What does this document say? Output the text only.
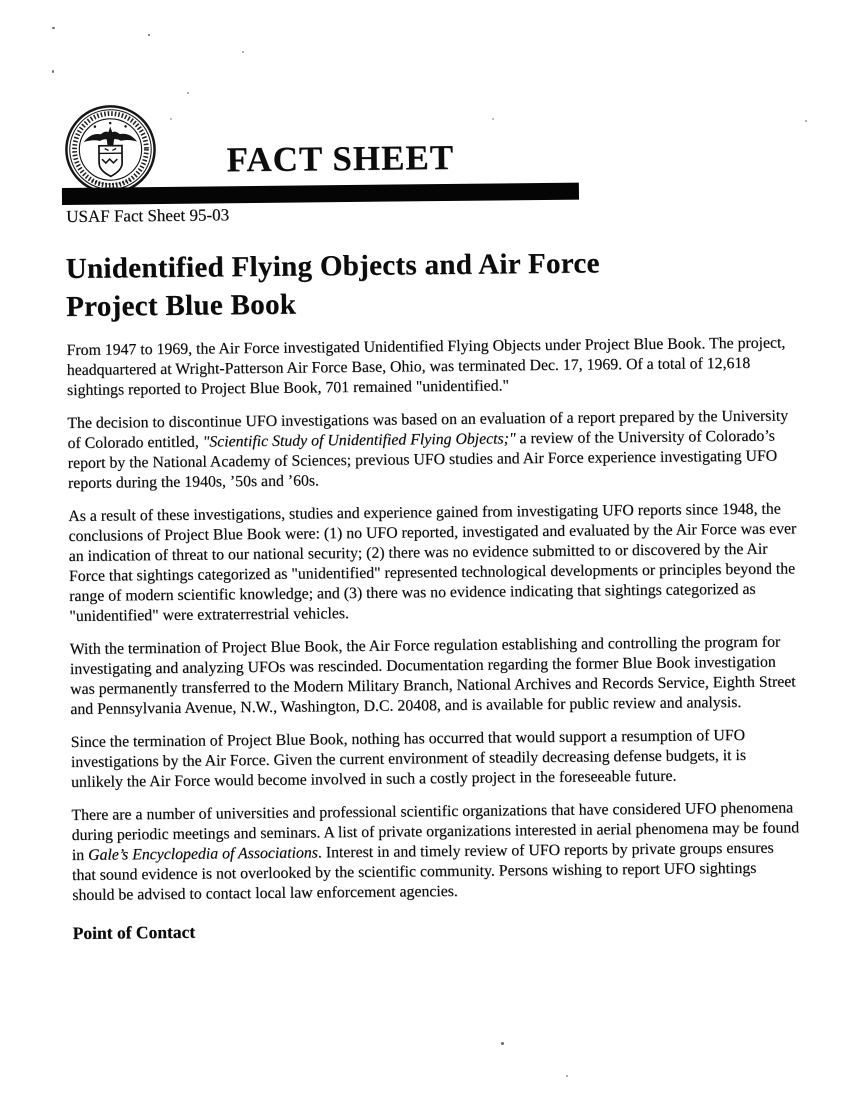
FACT SHEET
USAF Fact Sheet 95-03
Unidentified Flying Objects and Air Force
Project Blue Book

From 1947 to 1969, the Air Force investigated Unidentified Flying Objects under Project Blue Book. The project, headquartered at Wright-Patterson Air Force Base, Ohio, was terminated Dec. 17, 1969. Of a total of 12,618 sightings reported to Project Blue Book, 701 remained "unidentified."

The decision to discontinue UFO investigations was based on an evaluation of a report prepared by the University of Colorado entitled, "Scientific Study of Unidentified Flying Objects;" a review of the University of Colorado’s report by the National Academy of Sciences; previous UFO studies and Air Force experience investigating UFO reports during the 1940s, ’50s and ’60s.

As a result of these investigations, studies and experience gained from investigating UFO reports since 1948, the conclusions of Project Blue Book were: (1) no UFO reported, investigated and evaluated by the Air Force was ever an indication of threat to our national security; (2) there was no evidence submitted to or discovered by the Air Force that sightings categorized as "unidentified" represented technological developments or principles beyond the range of modern scientific knowledge; and (3) there was no evidence indicating that sightings categorized as "unidentified" were extraterrestrial vehicles.

With the termination of Project Blue Book, the Air Force regulation establishing and controlling the program for investigating and analyzing UFOs was rescinded. Documentation regarding the former Blue Book investigation was permanently transferred to the Modern Military Branch, National Archives and Records Service, Eighth Street and Pennsylvania Avenue, N.W., Washington, D.C. 20408, and is available for public review and analysis.

Since the termination of Project Blue Book, nothing has occurred that would support a resumption of UFO investigations by the Air Force. Given the current environment of steadily decreasing defense budgets, it is unlikely the Air Force would become involved in such a costly project in the foreseeable future.

There are a number of universities and professional scientific organizations that have considered UFO phenomena during periodic meetings and seminars. A list of private organizations interested in aerial phenomena may be found in Gale’s Encyclopedia of Associations. Interest in and timely review of UFO reports by private groups ensures that sound evidence is not overlooked by the scientific community. Persons wishing to report UFO sightings should be advised to contact local law enforcement agencies.

Point of Contact
